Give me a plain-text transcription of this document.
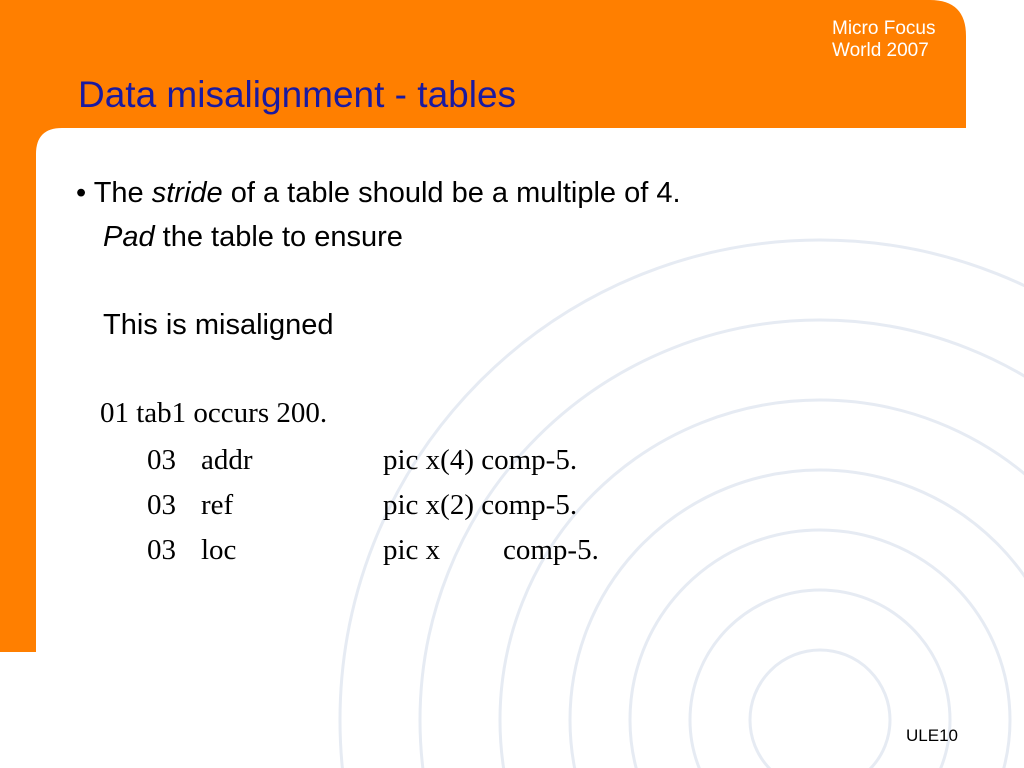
Micro Focus
World 2007
Data misalignment - tables
• The stride of a table should be a multiple of 4.
Pad the table to ensure
This is misaligned
01 tab1 occurs 200.
03 addr	pic x(4) comp-5.
03 ref	pic x(2) comp-5.
03 loc	pic x comp-5.
ULE10
